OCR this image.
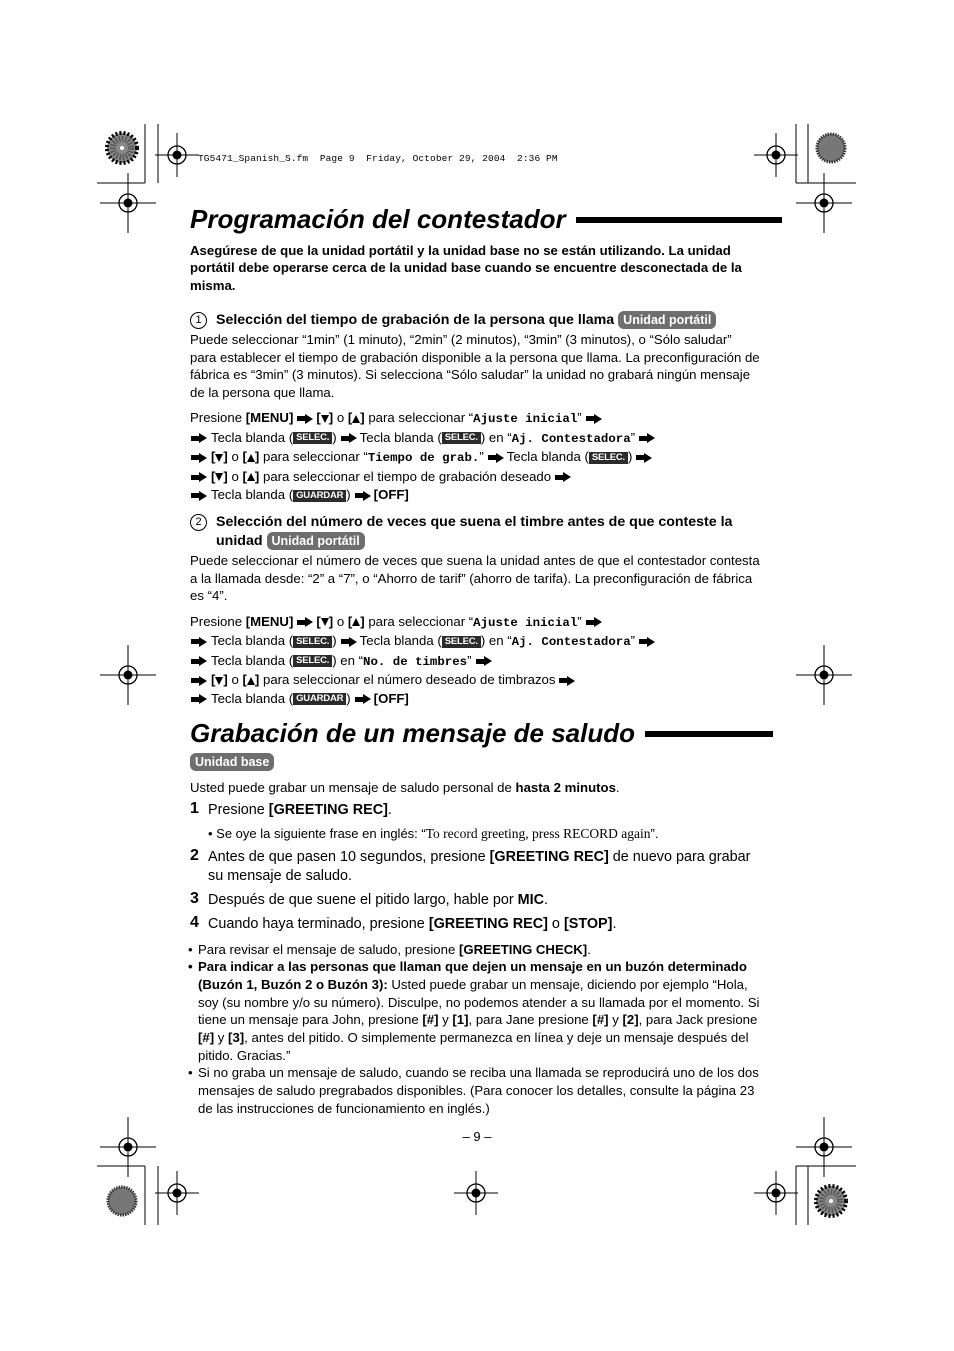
TG5471_Spanish_S.fm  Page 9  Friday, October 29, 2004  2:36 PM
Programación del contestador
Asegúrese de que la unidad portátil y la unidad base no se están utilizando. La unidad portátil debe operarse cerca de la unidad base cuando se encuentre desconectada de la misma.
1	Selección del tiempo de grabación de la persona que llama Unidad portátil
Puede seleccionar “1min” (1 minuto), “2min” (2 minutos), “3min” (3 minutos), o “Sólo saludar” para establecer el tiempo de grabación disponible a la persona que llama. La preconfiguración de fábrica es “3min” (3 minutos). Si selecciona “Sólo saludar” la unidad no grabará ningún mensaje de la persona que llama.
Presione [MENU] [ ] o [ ] para seleccionar “Ajuste inicial”
Tecla blanda ( SELEC. ) Tecla blanda ( SELEC. ) en “Aj. Contestadora”
[ ] o [ ] para seleccionar “Tiempo de grab.” Tecla blanda ( SELEC. )
[ ] o [ ] para seleccionar el tiempo de grabación deseado
Tecla blanda ( GUARDAR ) [OFF]
2	Selección del número de veces que suena el timbre antes de que conteste la unidad Unidad portátil
Puede seleccionar el número de veces que suena la unidad antes de que el contestador contesta a la llamada desde: “2” a “7”, o “Ahorro de tarif” (ahorro de tarifa). La preconfiguración de fábrica es “4”.
Presione [MENU] [ ] o [ ] para seleccionar “Ajuste inicial”
Tecla blanda ( SELEC. ) Tecla blanda ( SELEC. ) en “Aj. Contestadora”
Tecla blanda ( SELEC. ) en “No. de timbres”
[ ] o [ ] para seleccionar el número deseado de timbrazos
Tecla blanda ( GUARDAR ) [OFF]
Grabación de un mensaje de saludo
Unidad base
Usted puede grabar un mensaje de saludo personal de hasta 2 minutos.
1 Presione [GREETING REC].
• Se oye la siguiente frase en inglés: “To record greeting, press RECORD again”.
2 Antes de que pasen 10 segundos, presione [GREETING REC] de nuevo para grabar su mensaje de saludo.
3 Después de que suene el pitido largo, hable por MIC.
4 Cuando haya terminado, presione [GREETING REC] o [STOP].
• Para revisar el mensaje de saludo, presione [GREETING CHECK].
• Para indicar a las personas que llaman que dejen un mensaje en un buzón determinado (Buzón 1, Buzón 2 o Buzón 3): Usted puede grabar un mensaje, diciendo por ejemplo “Hola, soy (su nombre y/o su número). Disculpe, no podemos atender a su llamada por el momento. Si tiene un mensaje para John, presione [#] y [1], para Jane presione [#] y [2], para Jack presione [#] y [3], antes del pitido. O simplemente permanezca en línea y deje un mensaje después del pitido. Gracias.”
• Si no graba un mensaje de saludo, cuando se reciba una llamada se reproducirá uno de los dos mensajes de saludo pregrabados disponibles. (Para conocer los detalles, consulte la página 23 de las instrucciones de funcionamiento en inglés.)
– 9 –
